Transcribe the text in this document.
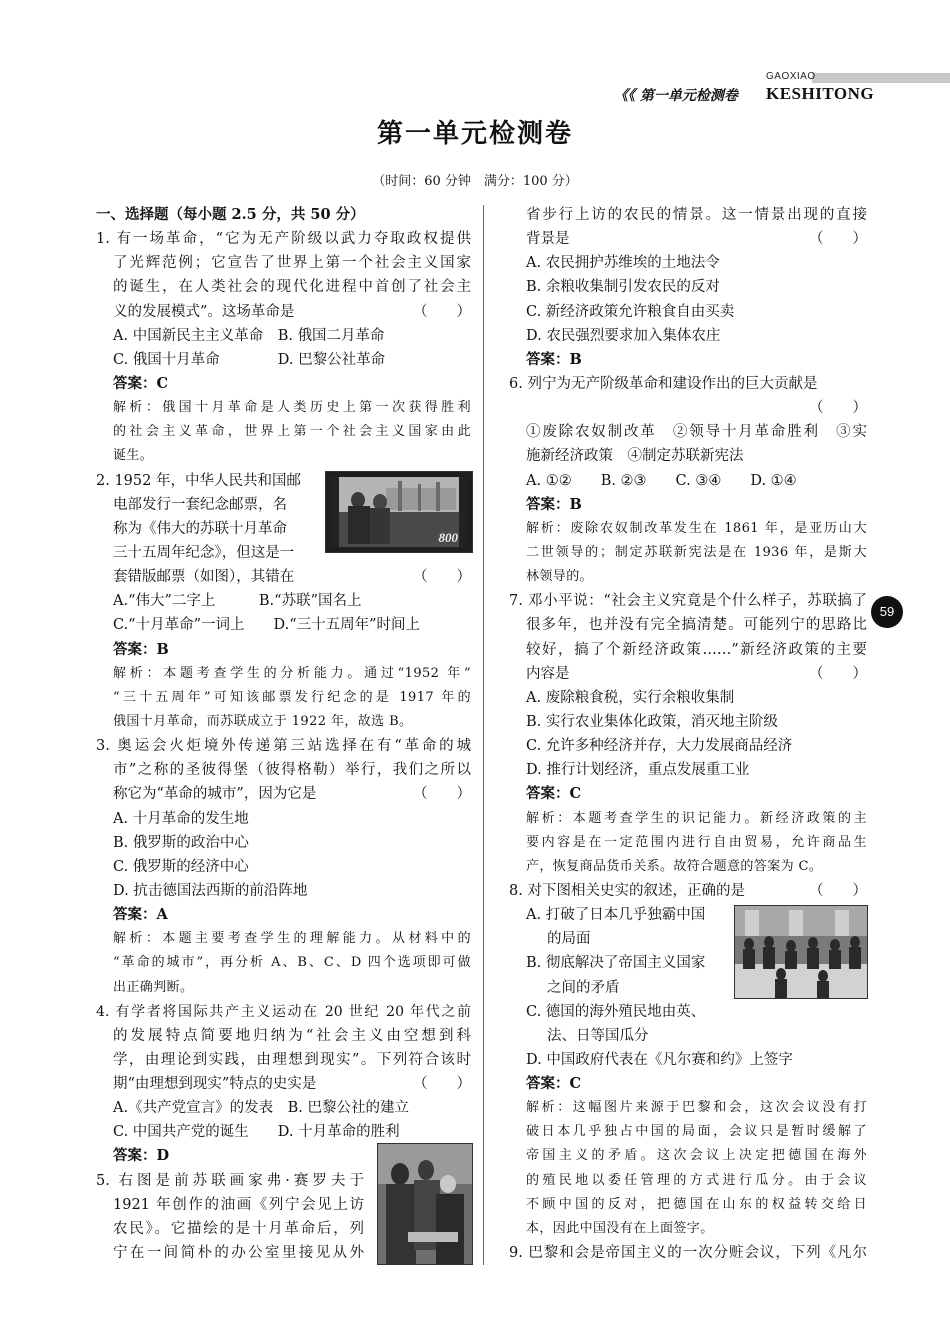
GAOXIAO
KESHITONG
《《 第一单元检测卷
第一单元检测卷
（时间：60 分钟　满分：100 分）
59
一、选择题（每小题 2.5 分，共 50 分）
1. 有一场革命，“它为无产阶级以武力夺取政权提供
了光辉范例；它宣告了世界上第一个社会主义国家
的诞生，在人类社会的现代化进程中首创了社会主
义的发展模式”。这场革命是	（　　）
A. 中国新民主主义革命　B. 俄国二月革命
C. 俄国十月革命　　　　D. 巴黎公社革命
答案：C
解析：俄国十月革命是人类历史上第一次获得胜利
的社会主义革命，世界上第一个社会主义国家由此
诞生。
2. 1952 年，中华人民共和国邮
电部发行一套纪念邮票，名
称为《伟大的苏联十月革命
三十五周年纪念》，但这是一
套错版邮票（如图），其错在	（　　）
A.“伟大”二字上　　　B.“苏联”国名上
C.“十月革命”一词上　　D.“三十五周年”时间上
答案：B
解析：本题考查学生的分析能力。通过“1952 年”
“三十五周年”可知该邮票发行纪念的是 1917 年的
俄国十月革命，而苏联成立于 1922 年，故选 B。
3. 奥运会火炬境外传递第三站选择在有“革命的城
市”之称的圣彼得堡（彼得格勒）举行，我们之所以
称它为“革命的城市”，因为它是	（　　）
A. 十月革命的发生地
B. 俄罗斯的政治中心
C. 俄罗斯的经济中心
D. 抗击德国法西斯的前沿阵地
答案：A
解析：本题主要考查学生的理解能力。从材料中的
“革命的城市”，再分析 A、B、C、D 四个选项即可做
出正确判断。
4. 有学者将国际共产主义运动在 20 世纪 20 年代之前
的发展特点简要地归纳为“社会主义由空想到科
学，由理论到实践，由理想到现实”。下列符合该时
期“由理想到现实”特点的史实是	（　　）
A.《共产党宣言》的发表　B. 巴黎公社的建立
C. 中国共产党的诞生　　D. 十月革命的胜利
答案：D
5. 右图是前苏联画家弗·赛罗夫于
1921 年创作的油画《列宁会见上访
农民》。它描绘的是十月革命后，列
宁在一间简朴的办公室里接见从外
800
省步行上访的农民的情景。这一情景出现的直接
背景是	（　　）
A. 农民拥护苏维埃的土地法令
B. 余粮收集制引发农民的反对
C. 新经济政策允许粮食自由买卖
D. 农民强烈要求加入集体农庄
答案：B
6. 列宁为无产阶级革命和建设作出的巨大贡献是
（　　）
①废除农奴制改革　②领导十月革命胜利　③实
施新经济政策　④制定苏联新宪法
A. ①②　　B. ②③　　C. ③④　　D. ①④
答案：B
解析：废除农奴制改革发生在 1861 年，是亚历山大
二世领导的；制定苏联新宪法是在 1936 年，是斯大
林领导的。
7. 邓小平说：“社会主义究竟是个什么样子，苏联搞了
很多年，也并没有完全搞清楚。可能列宁的思路比
较好，搞了个新经济政策……”新经济政策的主要
内容是	（　　）
A. 废除粮食税，实行余粮收集制
B. 实行农业集体化政策，消灭地主阶级
C. 允许多种经济并存，大力发展商品经济
D. 推行计划经济，重点发展重工业
答案：C
解析：本题考查学生的识记能力。新经济政策的主
要内容是在一定范围内进行自由贸易，允许商品生
产，恢复商品货币关系。故符合题意的答案为 C。
8. 对下图相关史实的叙述，正确的是	（　　）
A. 打破了日本几乎独霸中国
的局面
B. 彻底解决了帝国主义国家
之间的矛盾
C. 德国的海外殖民地由英、
法、日等国瓜分
D. 中国政府代表在《凡尔赛和约》上签字
答案：C
解析：这幅图片来源于巴黎和会，这次会议没有打
破日本几乎独占中国的局面，会议只是暂时缓解了
帝国主义的矛盾。这次会议上决定把德国在海外
的殖民地以委任管理的方式进行瓜分。由于会议
不顾中国的反对，把德国在山东的权益转交给日
本，因此中国没有在上面签字。
9. 巴黎和会是帝国主义的一次分赃会议，下列《凡尔
